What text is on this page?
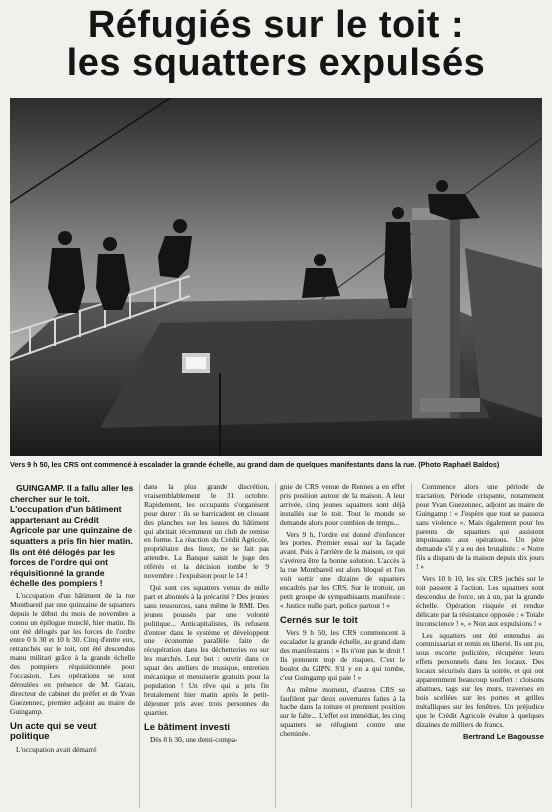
Réfugiés sur le toit :
les squatters expulsés

Vers 9 h 50, les CRS ont commencé à escalader la grande échelle, au grand dam de quelques manifestants dans la rue. (Photo Raphaël Baldos)

GUINGAMP. Il a fallu aller les chercher sur le toit. L'occupation d'un bâtiment appartenant au Crédit Agricole par une quinzaine de squatters a pris fin hier matin. Ils ont été délogés par les forces de l'ordre qui ont réquisitionné la grande échelle des pompiers !

L'occupation d'un bâtiment de la rue Montbareil par une quinzaine de squatters depuis le début du mois de novembre a connu un épilogue musclé, hier matin. Ils ont été délogés par les forces de l'ordre entre 0 h 30 et 10 h 30. Cinq d'entre eux, retranchés sur le toit, ont été descendus manu militari grâce à la grande échelle des pompiers réquisitionnée pour l'occasion. Les opérations se sont déroulées en présence de M. Garau, directeur de cabinet du préfet et de Yvan Guezennec, premier adjoint au maire de Guingamp.

Un acte qui se veut politique

L'occupation avait démarré

dans la plus grande discrétion, vraisemblablement le 31 octobre. Rapidement, les occupants s'organisent pour durer : ils se barricadent en clouant des planches sur les issues du bâtiment qui abritait récemment un club de remise en forme. La réaction du Crédit Agricole, propriétaire des lieux, ne se fait pas attendre. La Banque saisit le juge des référés et la décision tombe le 9 novembre : l'expulsion pour le 14 !

Qui sont ces squatters venus de nulle part et abonnés à la précarité ? Des jeunes sans ressources, sans même le RMI. Des jeunes poussés par une volonté politique... Anticapitalistes, ils refusent d'entrer dans le système et développent une économie parallèle faite de récupération dans les déchetteries ou sur les marchés. Leur but : ouvrir dans ce squat des ateliers de musique, entretien mécanique et menuiserie gratuits pour la population ! Un rêve qui a pris fin brutalement hier matin après le petit-déjeuner pris avec trois personnes du quartier.

Le bâtiment investi

Dès 8 h 30, une demi-compa-

gnie de CRS venue de Rennes a en effet pris position autour de la maison. A leur arrivée, cinq jeunes squatters sont déjà installés sur le toit. Tout le monde se demande alors pour combien de temps...

Vers 9 h, l'ordre est donné d'enfoncer les portes. Premier essai sur la façade avant. Puis à l'arrière de la maison, ce qui s'avérera être la bonne solution. L'accès à la rue Montbareil est alors bloqué et l'on voit sortir une dizaine de squatters encadrés par les CRS. Sur le trottoir, un petit groupe de sympathisants manifeste : « Justice nulle part, police partout ! »

Cernés sur le toit

Vers 9 h 50, les CRS commencent à escalader la grande échelle, au grand dam des manifestants : « Ils n'ont pas le droit ! Ils prennent trop de risques. C'est le boulot du GIPN. S'il y en a qui tombe, c'est Guingamp qui paie ! »

Au même moment, d'autres CRS se faufilent par deux ouvertures faites à la hache dans la toiture et prennent position sur le faîte... L'effet est immédiat, les cinq squatters se réfugient contre une cheminée.

Commence alors une période de tractation. Période crispante, notamment pour Yvan Guezennec, adjoint au maire de Guingamp : « J'espère que tout se passera sans violence ». Mais également pour les parents de squatters qui assistent impuissants aux opérations. Un père demande s'il y a eu des brutalités : « Notre fils a disparu de la maison depuis dix jours ! »

Vers 10 h 10, les six CRS juchés sur le toit passent à l'action. Les squatters sont descendus de force, un à un, par la grande échelle. Opération risquée et rendue délicate par la résistance opposée : « Totale inconscience ! », « Non aux expulsions ! »

Les squatters ont été entendus au commissariat et remis en liberté. Ils ont pu, sous escorte policière, récupérer leurs effets personnels dans les locaux. Des locaux sécurisés dans la soirée, et qui ont apparemment beaucoup souffert : cloisons abattues, tags sur les murs, traverses en bois scellées sur les portes et grilles métalliques sur les fenêtres. Un préjudice que le Crédit Agricole évalue à quelques dizaines de milliers de francs.

Bertrand Le Bagousse
